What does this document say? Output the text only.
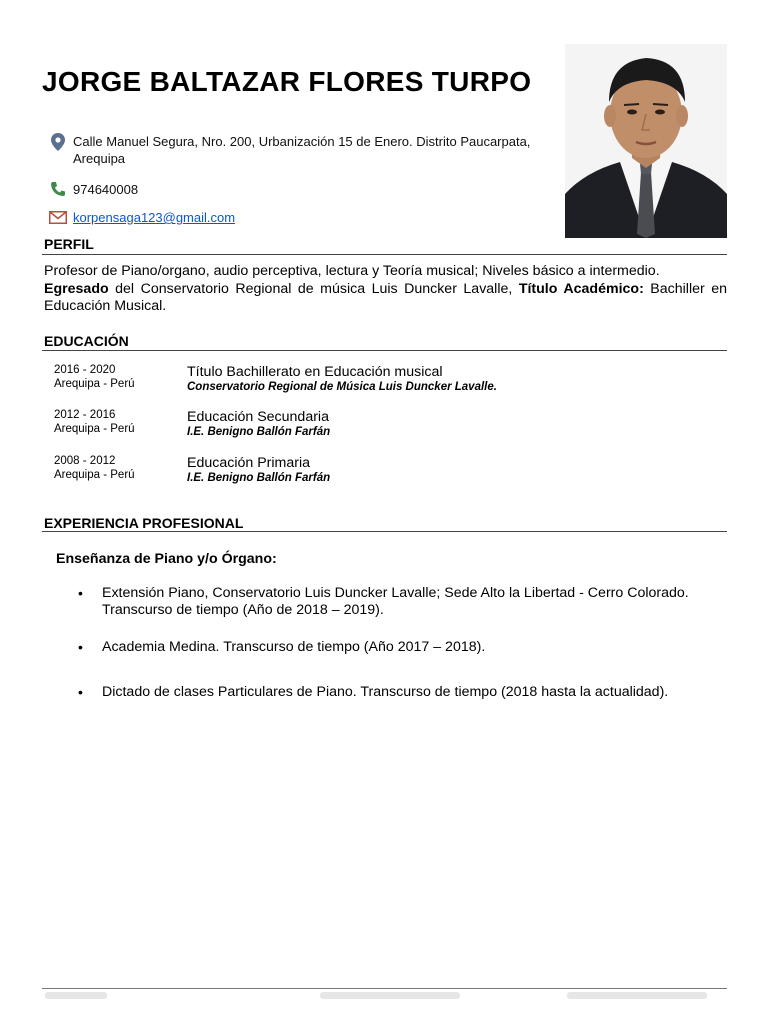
JORGE BALTAZAR FLORES TURPO
Calle Manuel Segura, Nro. 200, Urbanización 15 de Enero. Distrito Paucarpata,
Arequipa
974640008
korpensaga123@gmail.com
PERFIL
Profesor de Piano/organo, audio perceptiva, lectura y Teoría musical; Niveles básico a intermedio.
Egresado del Conservatorio Regional de música Luis Duncker Lavalle, Título Académico: Bachiller en Educación Musical.
EDUCACIÓN
2016 - 2020
Arequipa - Perú
Título Bachillerato en Educación musical
Conservatorio Regional de Música Luis Duncker Lavalle.
2012 - 2016
Arequipa - Perú
Educación Secundaria
I.E. Benigno Ballón Farfán
2008 - 2012
Arequipa - Perú
Educación Primaria
I.E. Benigno Ballón Farfán
EXPERIENCIA PROFESIONAL
Enseñanza de Piano y/o Órgano:
• Extensión Piano, Conservatorio Luis Duncker Lavalle; Sede Alto la Libertad - Cerro Colorado.
Transcurso de tiempo (Año de 2018 – 2019).
• Academia Medina. Transcurso de tiempo (Año 2017 – 2018).
• Dictado de clases Particulares de Piano. Transcurso de tiempo (2018 hasta la actualidad).
